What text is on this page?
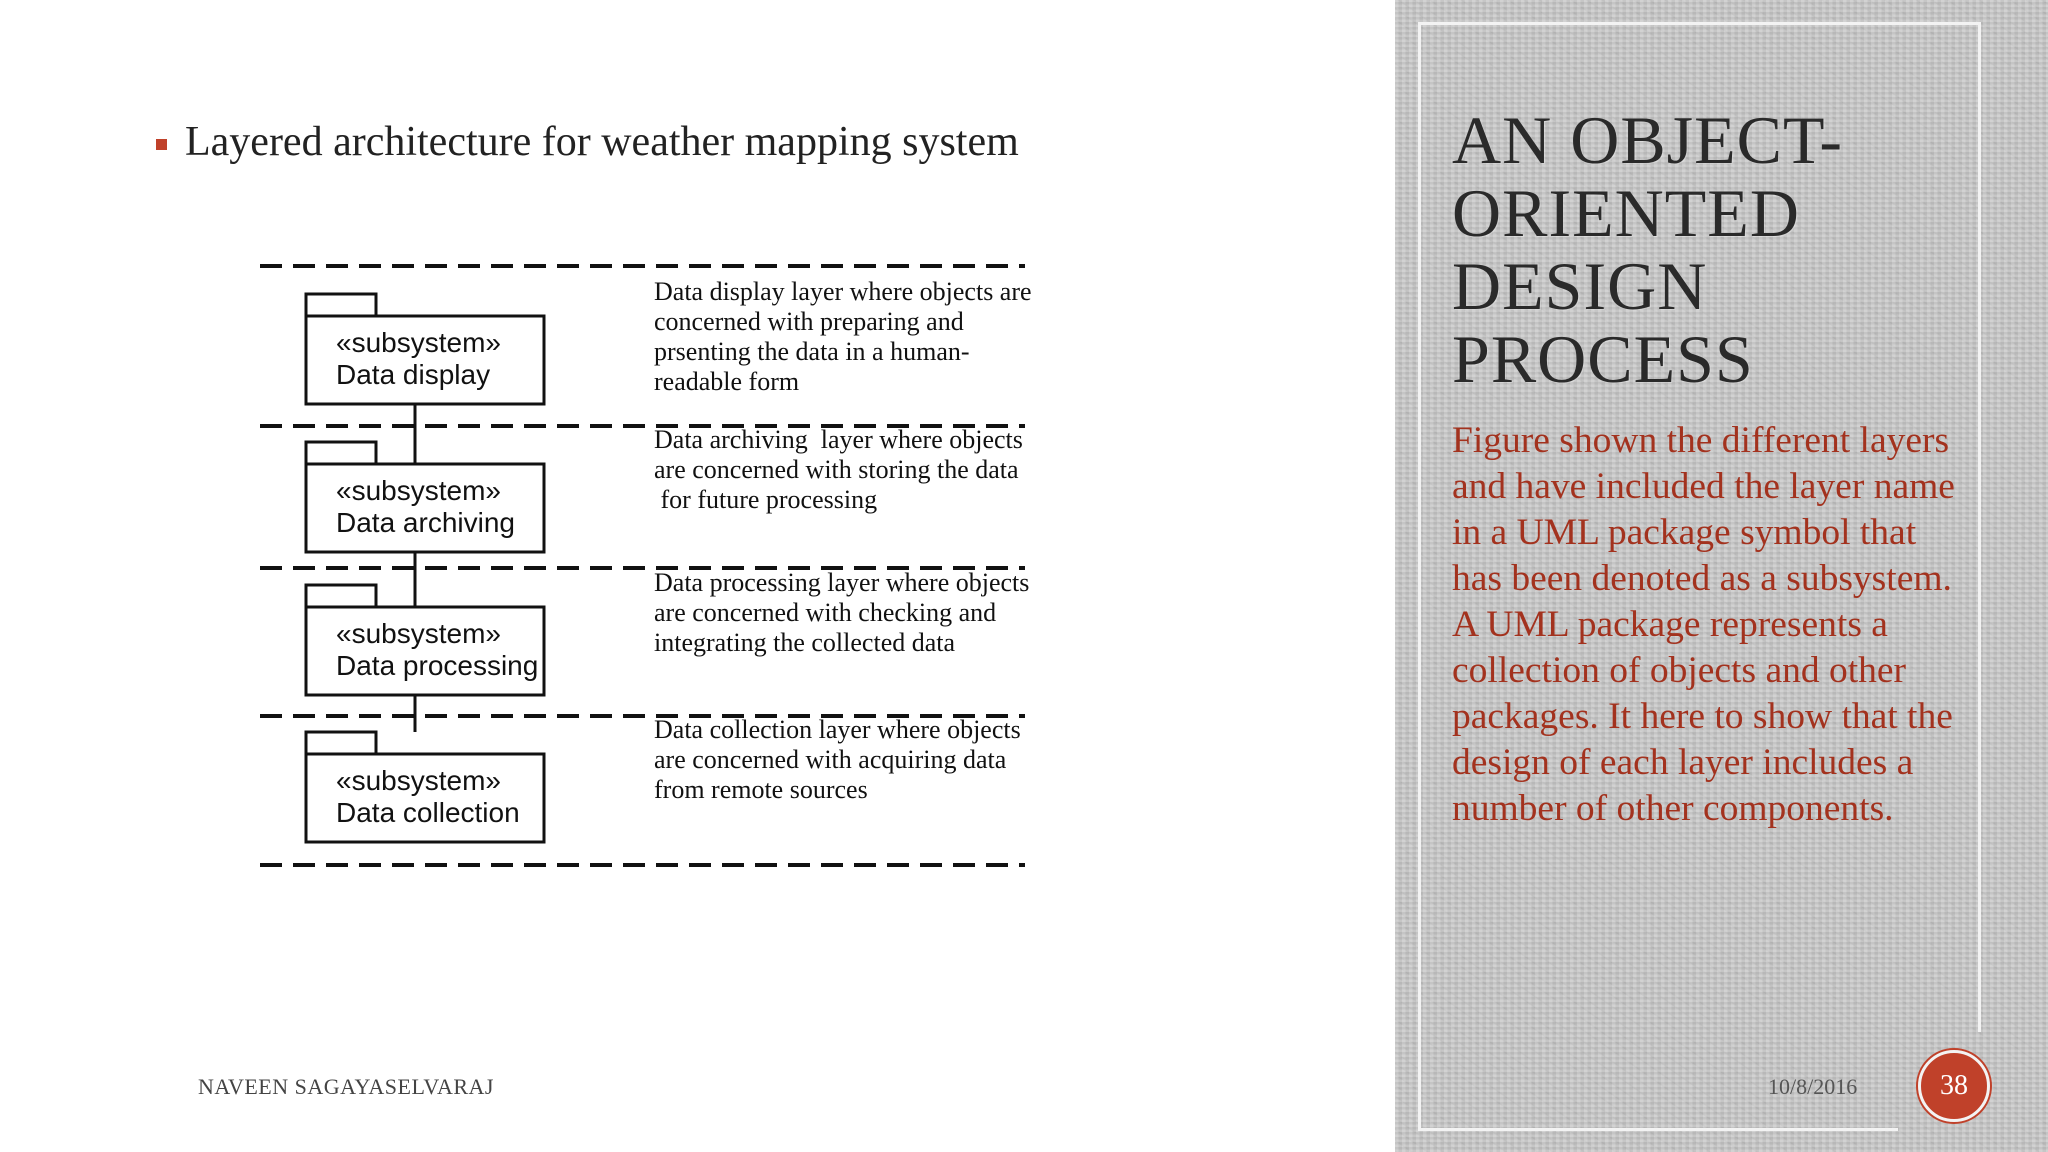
Layered architecture for weather mapping system
«subsystem»
Data display
Data display layer where objects are
concerned with preparing and
prsenting the data in a human-
readable form
«subsystem»
Data archiving
Data archiving  layer where objects
are concerned with storing the data
for future processing
«subsystem»
Data processing
Data processing layer where objects
are concerned with checking and
integrating the collected data
«subsystem»
Data collection
Data collection layer where objects
are concerned with acquiring data
from remote sources
NAVEEN SAGAYASELVARAJ
AN OBJECT-ORIENTED DESIGN PROCESS
Figure shown the different layers and have included the layer name in a UML package symbol that has been denoted as a subsystem. A UML package represents a collection of objects and other packages. It here to show that the design of each layer includes a number of other components.
10/8/2016	38
